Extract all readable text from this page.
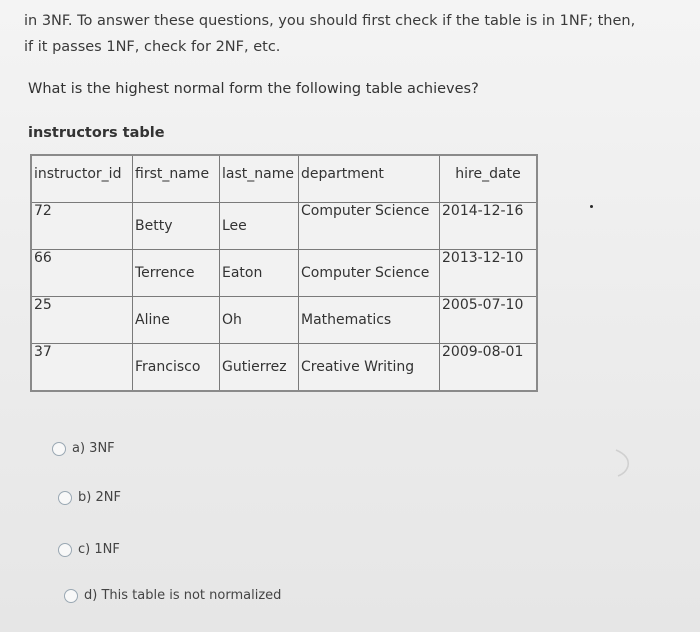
in 3NF. To answer these questions, you should first check if the table is in 1NF; then,
if it passes 1NF, check for 2NF, etc.
What is the highest normal form the following table achieves?
instructors table
instructor_id	first_name	last_name	department	hire_date
72	Betty	Lee	Computer Science	2014-12-16
66	Terrence	Eaton	Computer Science	2013-12-10
25	Aline	Oh	Mathematics	2005-07-10
37	Francisco	Gutierrez	Creative Writing	2009-08-01
a) 3NF
b) 2NF
c) 1NF
d) This table is not normalized
